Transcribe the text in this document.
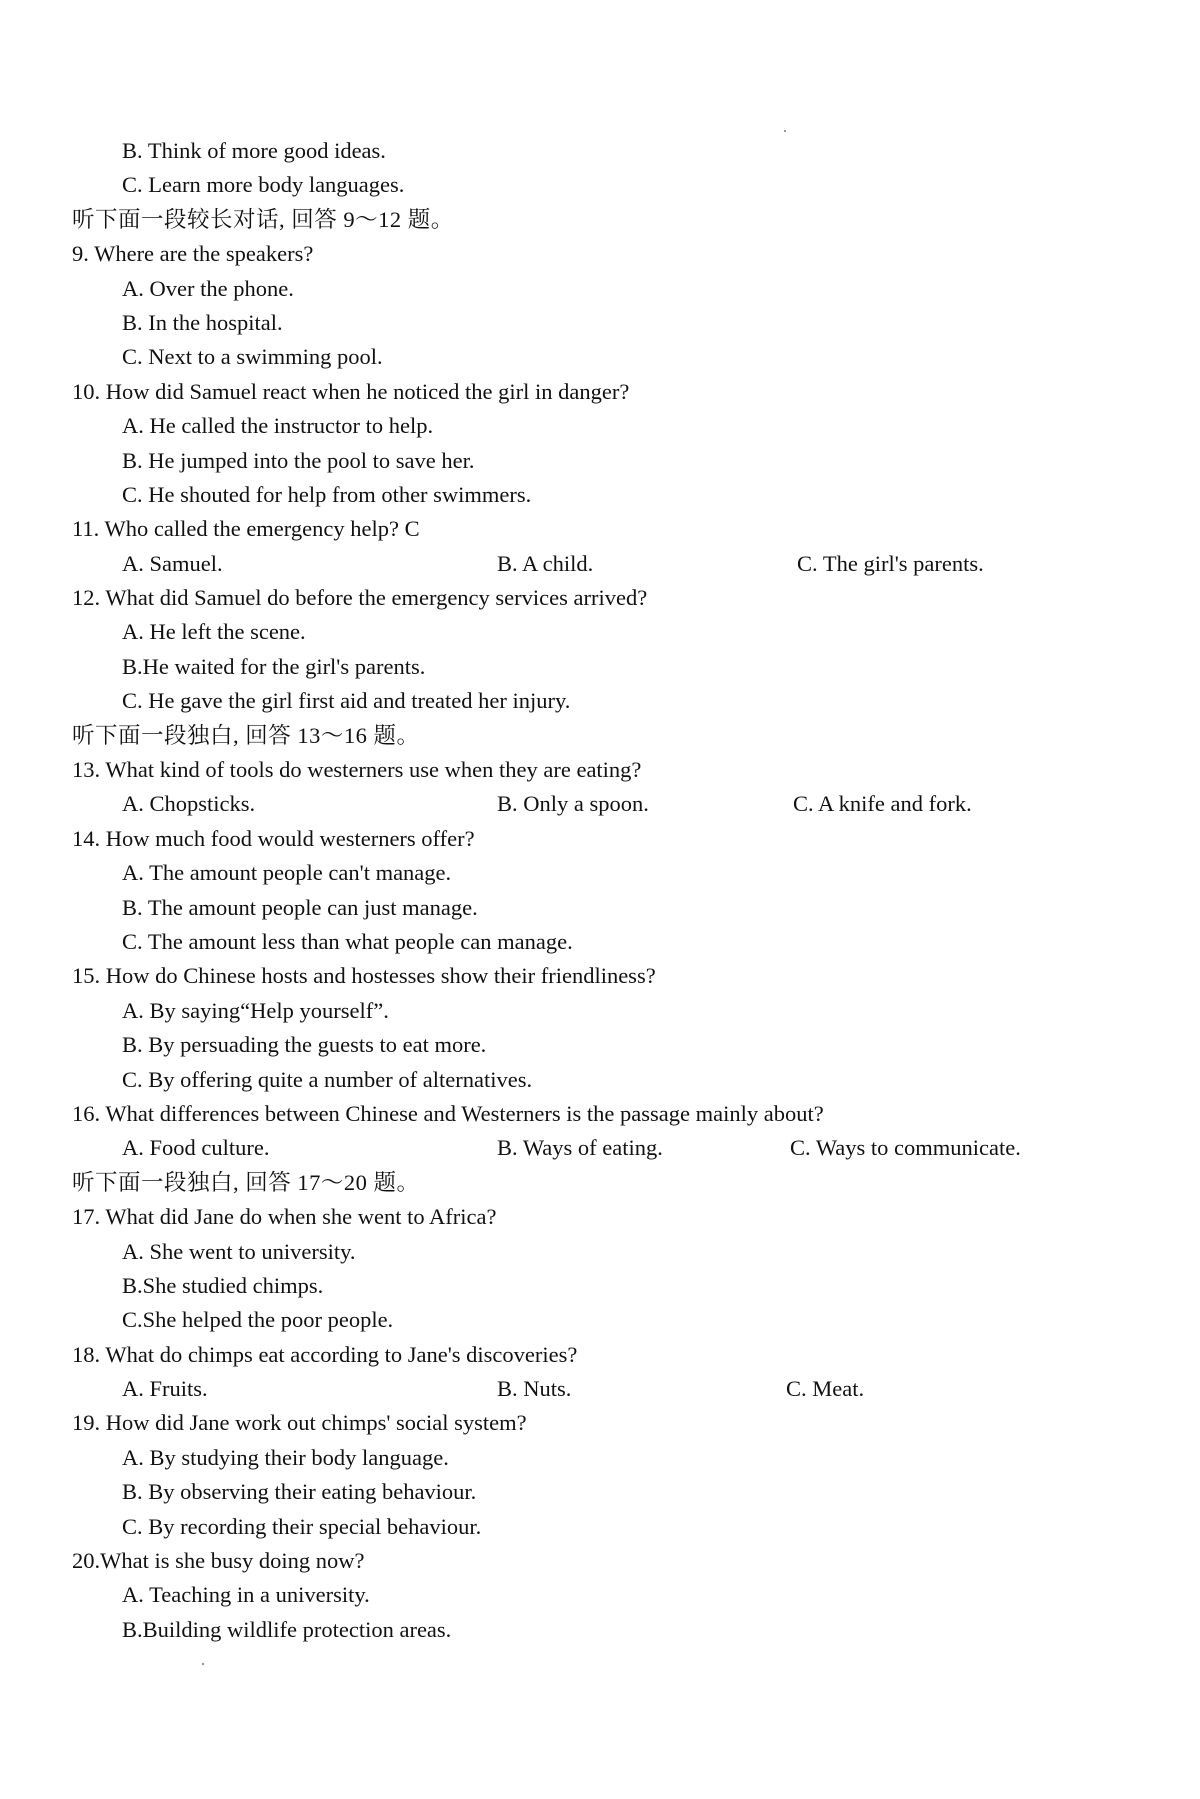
B. Think of more good ideas.
C. Learn more body languages.
听下面一段较长对话, 回答 9～12 题。
9. Where are the speakers?
A. Over the phone.
B. In the hospital.
C. Next to a swimming pool.
10. How did Samuel react when he noticed the girl in danger?
A. He called the instructor to help.
B. He jumped into the pool to save her.
C. He shouted for help from other swimmers.
11. Who called the emergency help? C
A. Samuel.	B. A child.	C. The girl's parents.
12. What did Samuel do before the emergency services arrived?
A. He left the scene.
B.He waited for the girl's parents.
C. He gave the girl first aid and treated her injury.
听下面一段独白, 回答 13～16 题。
13. What kind of tools do westerners use when they are eating?
A. Chopsticks.	B. Only a spoon.	C. A knife and fork.
14. How much food would westerners offer?
A. The amount people can't manage.
B. The amount people can just manage.
C. The amount less than what people can manage.
15. How do Chinese hosts and hostesses show their friendliness?
A. By saying“Help yourself”.
B. By persuading the guests to eat more.
C. By offering quite a number of alternatives.
16. What differences between Chinese and Westerners is the passage mainly about?
A. Food culture.	B. Ways of eating.	C. Ways to communicate.
听下面一段独白, 回答 17～20 题。
17. What did Jane do when she went to Africa?
A. She went to university.
B.She studied chimps.
C.She helped the poor people.
18. What do chimps eat according to Jane's discoveries?
A. Fruits.	B. Nuts.	C. Meat.
19. How did Jane work out chimps' social system?
A. By studying their body language.
B. By observing their eating behaviour.
C. By recording their special behaviour.
20.What is she busy doing now?
A. Teaching in a university.
B.Building wildlife protection areas.
